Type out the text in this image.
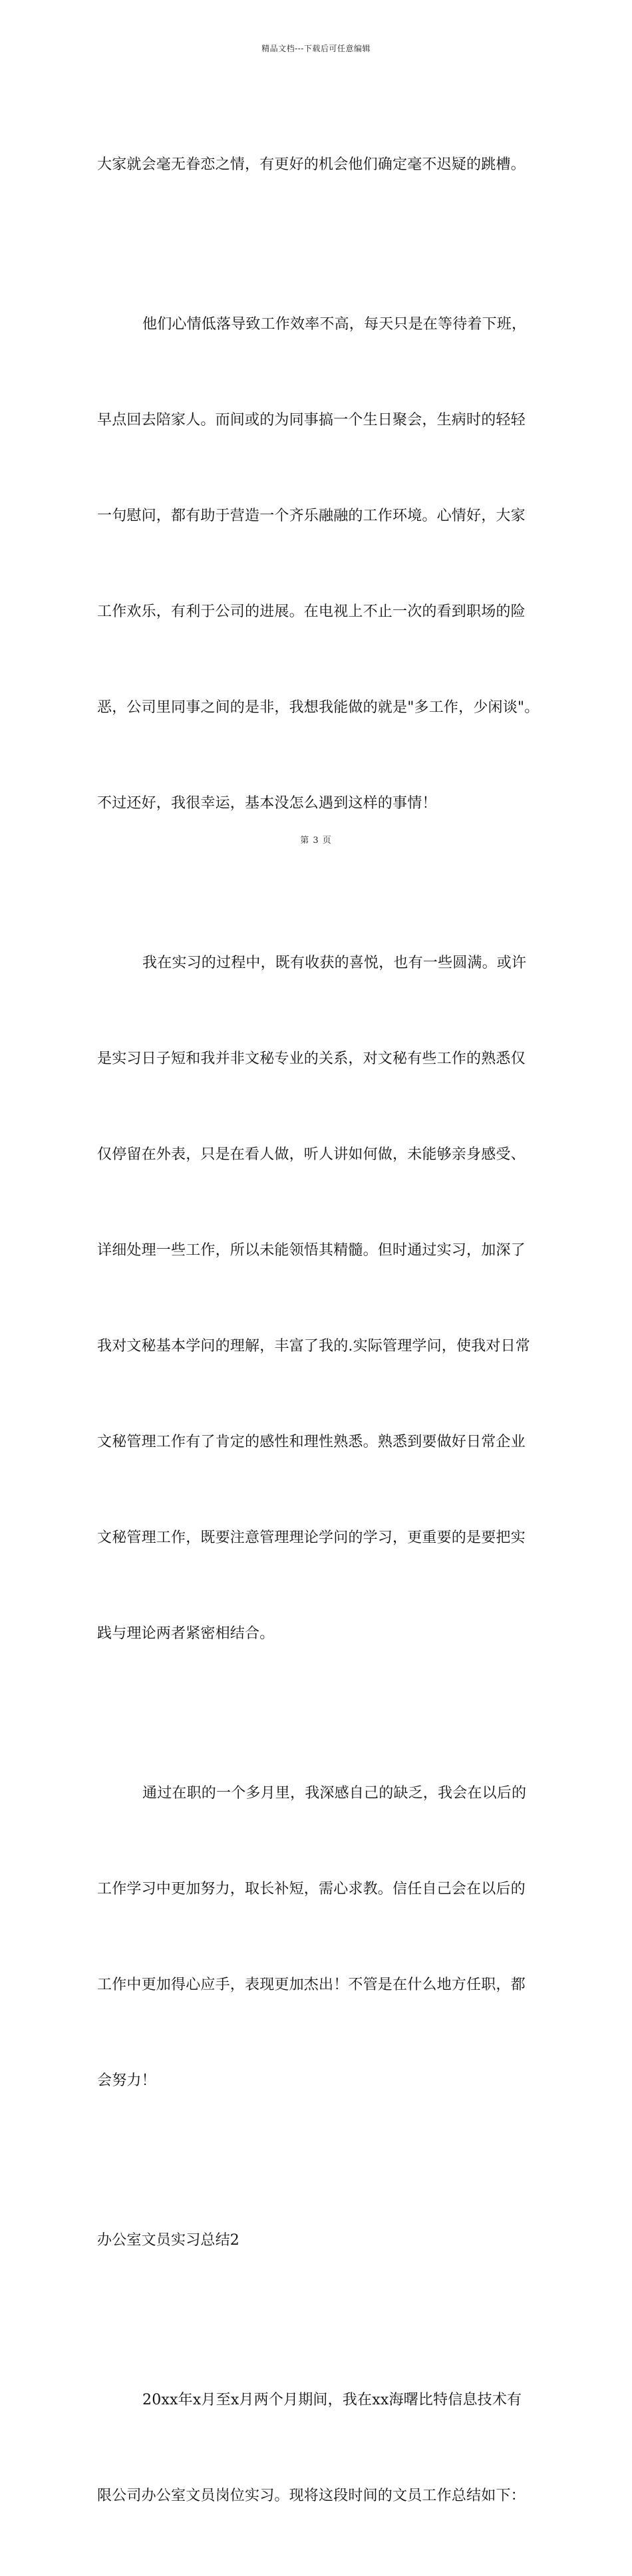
精品文档---下载后可任意编辑

大家就会毫无眷恋之情，有更好的机会他们确定毫不迟疑的跳槽。

他们心情低落导致工作效率不高，每天只是在等待着下班，

早点回去陪家人。而间或的为同事搞一个生日聚会，生病时的轻轻

一句慰问，都有助于营造一个齐乐融融的工作环境。心情好，大家

工作欢乐，有利于公司的进展。在电视上不止一次的看到职场的险

恶，公司里同事之间的是非，我想我能做的就是"多工作，少闲谈"。

不过还好，我很幸运，基本没怎么遇到这样的事情！

我在实习的过程中，既有收获的喜悦，也有一些圆满。或许

是实习日子短和我并非文秘专业的关系，对文秘有些工作的熟悉仅

仅停留在外表，只是在看人做，听人讲如何做，未能够亲身感受、

详细处理一些工作，所以未能领悟其精髓。但时通过实习，加深了

我对文秘基本学问的理解，丰富了我的.实际管理学问，使我对日常

文秘管理工作有了肯定的感性和理性熟悉。熟悉到要做好日常企业

文秘管理工作，既要注意管理理论学问的学习，更重要的是要把实

践与理论两者紧密相结合。

通过在职的一个多月里，我深感自己的缺乏，我会在以后的

工作学习中更加努力，取长补短，需心求教。信任自己会在以后的

工作中更加得心应手，表现更加杰出！不管是在什么地方任职，都

会努力！

办公室文员实习总结2

20xx年x月至x月两个月期间，我在xx海曙比特信息技术有

限公司办公室文员岗位实习。现将这段时间的文员工作总结如下：

第 3 页
